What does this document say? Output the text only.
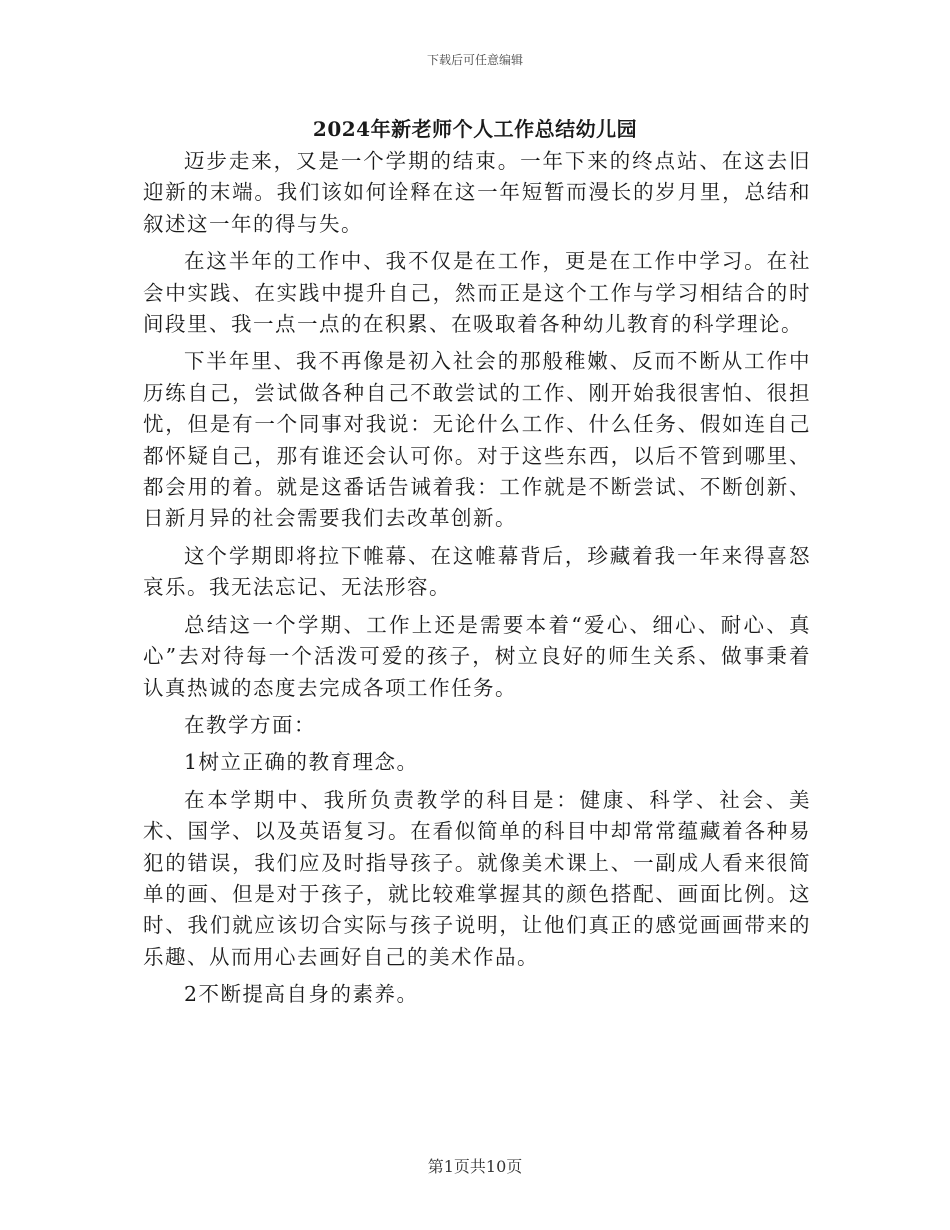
下载后可任意编辑
2024年新老师个人工作总结幼儿园

迈步走来，又是一个学期的结束。一年下来的终点站、在这去旧迎新的末端。我们该如何诠释在这一年短暂而漫长的岁月里，总结和叙述这一年的得与失。

在这半年的工作中、我不仅是在工作，更是在工作中学习。在社会中实践、在实践中提升自己，然而正是这个工作与学习相结合的时间段里、我一点一点的在积累、在吸取着各种幼儿教育的科学理论。

下半年里、我不再像是初入社会的那般稚嫩、反而不断从工作中历练自己，尝试做各种自己不敢尝试的工作、刚开始我很害怕、很担忧，但是有一个同事对我说：无论什么工作、什么任务、假如连自己都怀疑自己，那有谁还会认可你。对于这些东西，以后不管到哪里、都会用的着。就是这番话告诫着我：工作就是不断尝试、不断创新、日新月异的社会需要我们去改革创新。

这个学期即将拉下帷幕、在这帷幕背后，珍藏着我一年来得喜怒哀乐。我无法忘记、无法形容。

总结这一个学期、工作上还是需要本着“爱心、细心、耐心、真心”去对待每一个活泼可爱的孩子，树立良好的师生关系、做事秉着认真热诚的态度去完成各项工作任务。

在教学方面：

1树立正确的教育理念。

在本学期中、我所负责教学的科目是：健康、科学、社会、美术、国学、以及英语复习。在看似简单的科目中却常常蕴藏着各种易犯的错误，我们应及时指导孩子。就像美术课上、一副成人看来很简单的画、但是对于孩子，就比较难掌握其的颜色搭配、画面比例。这时、我们就应该切合实际与孩子说明，让他们真正的感觉画画带来的乐趣、从而用心去画好自己的美术作品。

2不断提高自身的素养。

第1页共10页
